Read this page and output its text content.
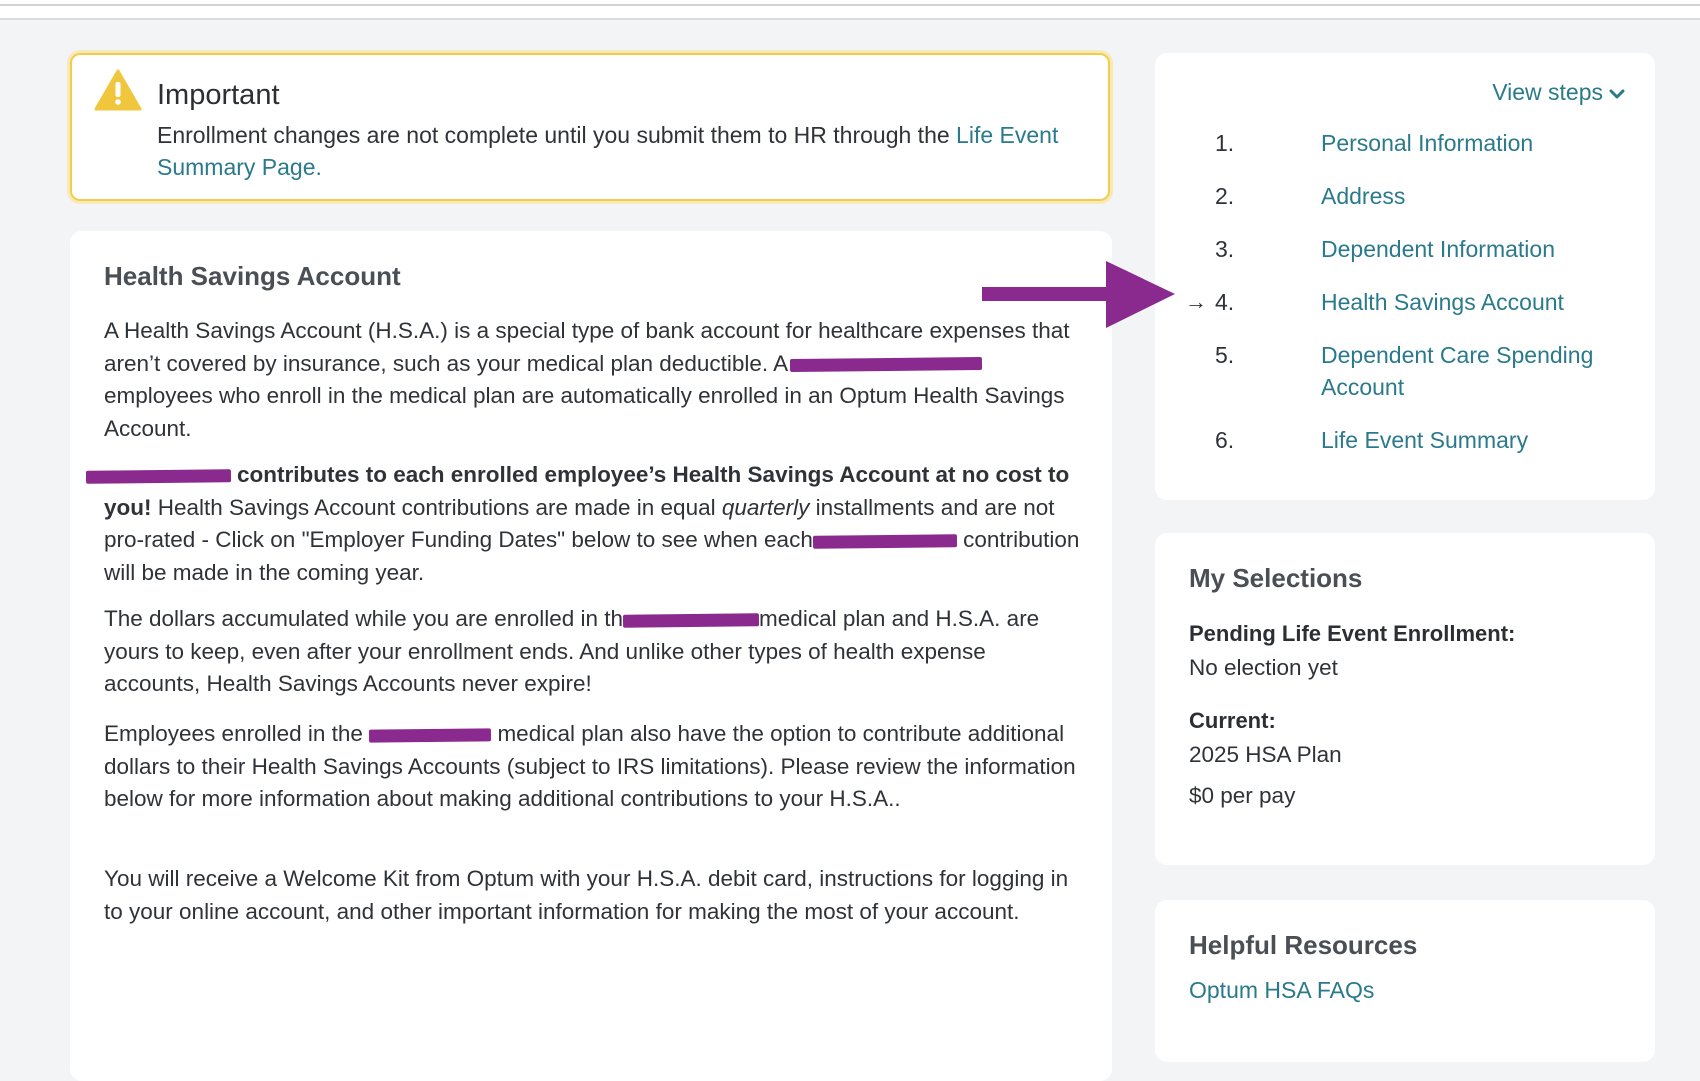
Important
Enrollment changes are not complete until you submit them to HR through the Life Event Summary Page.
Health Savings Account

A Health Savings Account (H.S.A.) is a special type of bank account for healthcare expenses that aren’t covered by insurance, such as your medical plan deductible. A employees who enroll in the medical plan are automatically enrolled in an Optum Health Savings Account.

contributes to each enrolled employee’s Health Savings Account at no cost to you! Health Savings Account contributions are made in equal quarterly installments and are not pro-rated - Click on "Employer Funding Dates" below to see when each	contribution will be made in the coming year.

The dollars accumulated while you are enrolled in th	medical plan and H.S.A. are yours to keep, even after your enrollment ends. And unlike other types of health expense accounts, Health Savings Accounts never expire!

Employees enrolled in the	medical plan also have the option to contribute additional dollars to their Health Savings Accounts (subject to IRS limitations). Please review the information below for more information about making additional contributions to your H.S.A..

You will receive a Welcome Kit from Optum with your H.S.A. debit card, instructions for logging in to your online account, and other important information for making the most of your account.

View steps
1.	Personal Information
2.	Address
3.	Dependent Information
→ 4.	Health Savings Account
5.	Dependent Care Spending Account
6.	Life Event Summary
My Selections
Pending Life Event Enrollment:
No election yet
Current:
2025 HSA Plan
$0 per pay
Helpful Resources
Optum HSA FAQs
